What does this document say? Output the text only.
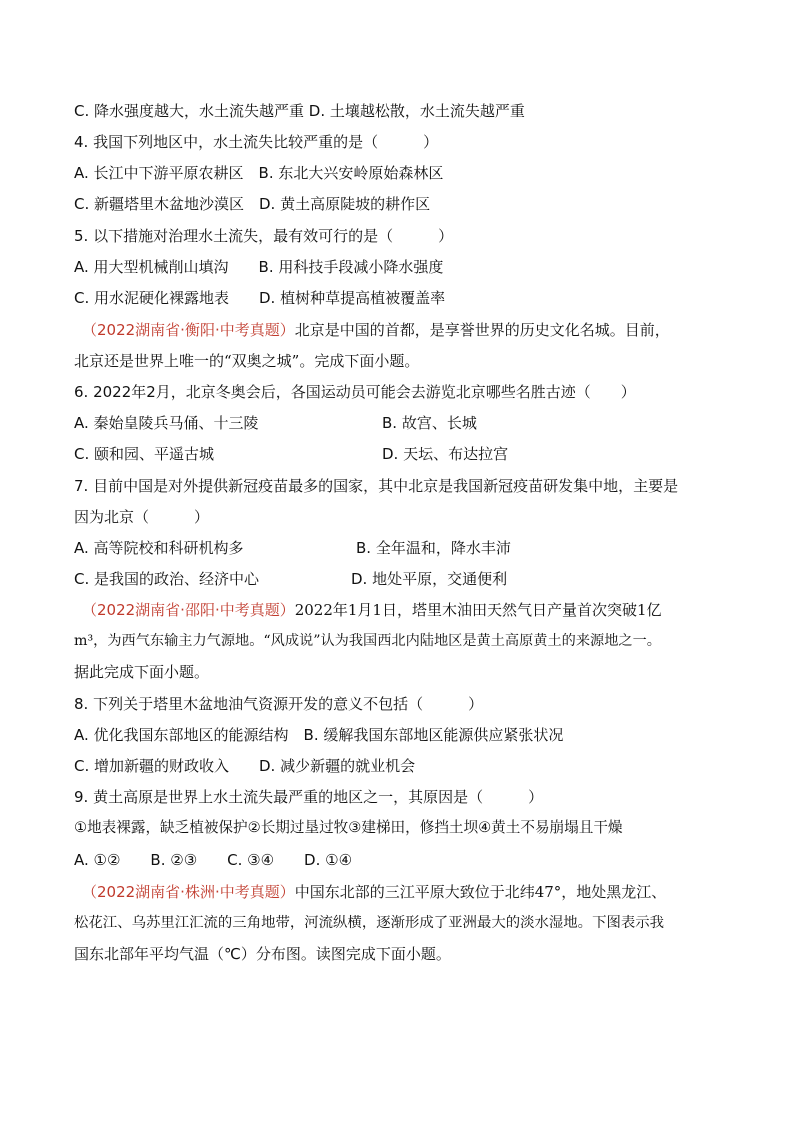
C. 降水强度越大，水土流失越严重 D. 土壤越松散，水土流失越严重
4. 我国下列地区中，水土流失比较严重的是（　　　）
A. 长江中下游平原农耕区　B. 东北大兴安岭原始森林区
C. 新疆塔里木盆地沙漠区　D. 黄土高原陡坡的耕作区
5. 以下措施对治理水土流失，最有效可行的是（　　　）
A. 用大型机械削山填沟　　B. 用科技手段减小降水强度
C. 用水泥硬化裸露地表　　D. 植树种草提高植被覆盖率
（2022湖南省·衡阳·中考真题）北京是中国的首都，是享誉世界的历史文化名城。目前，
北京还是世界上唯一的“双奥之城”。完成下面小题。
6. 2022年2月，北京冬奥会后，各国运动员可能会去游览北京哪些名胜古迹（　　）
A. 秦始皇陵兵马俑、十三陵	B. 故宫、长城
C. 颐和园、平遥古城	D. 天坛、布达拉宫
7. 目前中国是对外提供新冠疫苗最多的国家，其中北京是我国新冠疫苗研发集中地，主要是
因为北京（　　　）
A. 高等院校和科研机构多	B. 全年温和，降水丰沛
C. 是我国的政治、经济中心	D. 地处平原，交通便利
（2022湖南省·邵阳·中考真题）2022年1月1日，塔里木油田天然气日产量首次突破1亿
m³，为西气东输主力气源地。“风成说”认为我国西北内陆地区是黄土高原黄土的来源地之一。
据此完成下面小题。
8. 下列关于塔里木盆地油气资源开发的意义不包括（　　　）
A. 优化我国东部地区的能源结构　B. 缓解我国东部地区能源供应紧张状况
C. 增加新疆的财政收入　　D. 减少新疆的就业机会
9. 黄土高原是世界上水土流失最严重的地区之一，其原因是（　　　）
①地表裸露，缺乏植被保护②长期过垦过牧③建梯田，修挡土坝④黄土不易崩塌且干燥
A. ①②　　B. ②③　　C. ③④　　D. ①④
（2022湖南省·株洲·中考真题）中国东北部的三江平原大致位于北纬47°，地处黑龙江、
松花江、乌苏里江汇流的三角地带，河流纵横，逐渐形成了亚洲最大的淡水湿地。下图表示我
国东北部年平均气温（℃）分布图。读图完成下面小题。
